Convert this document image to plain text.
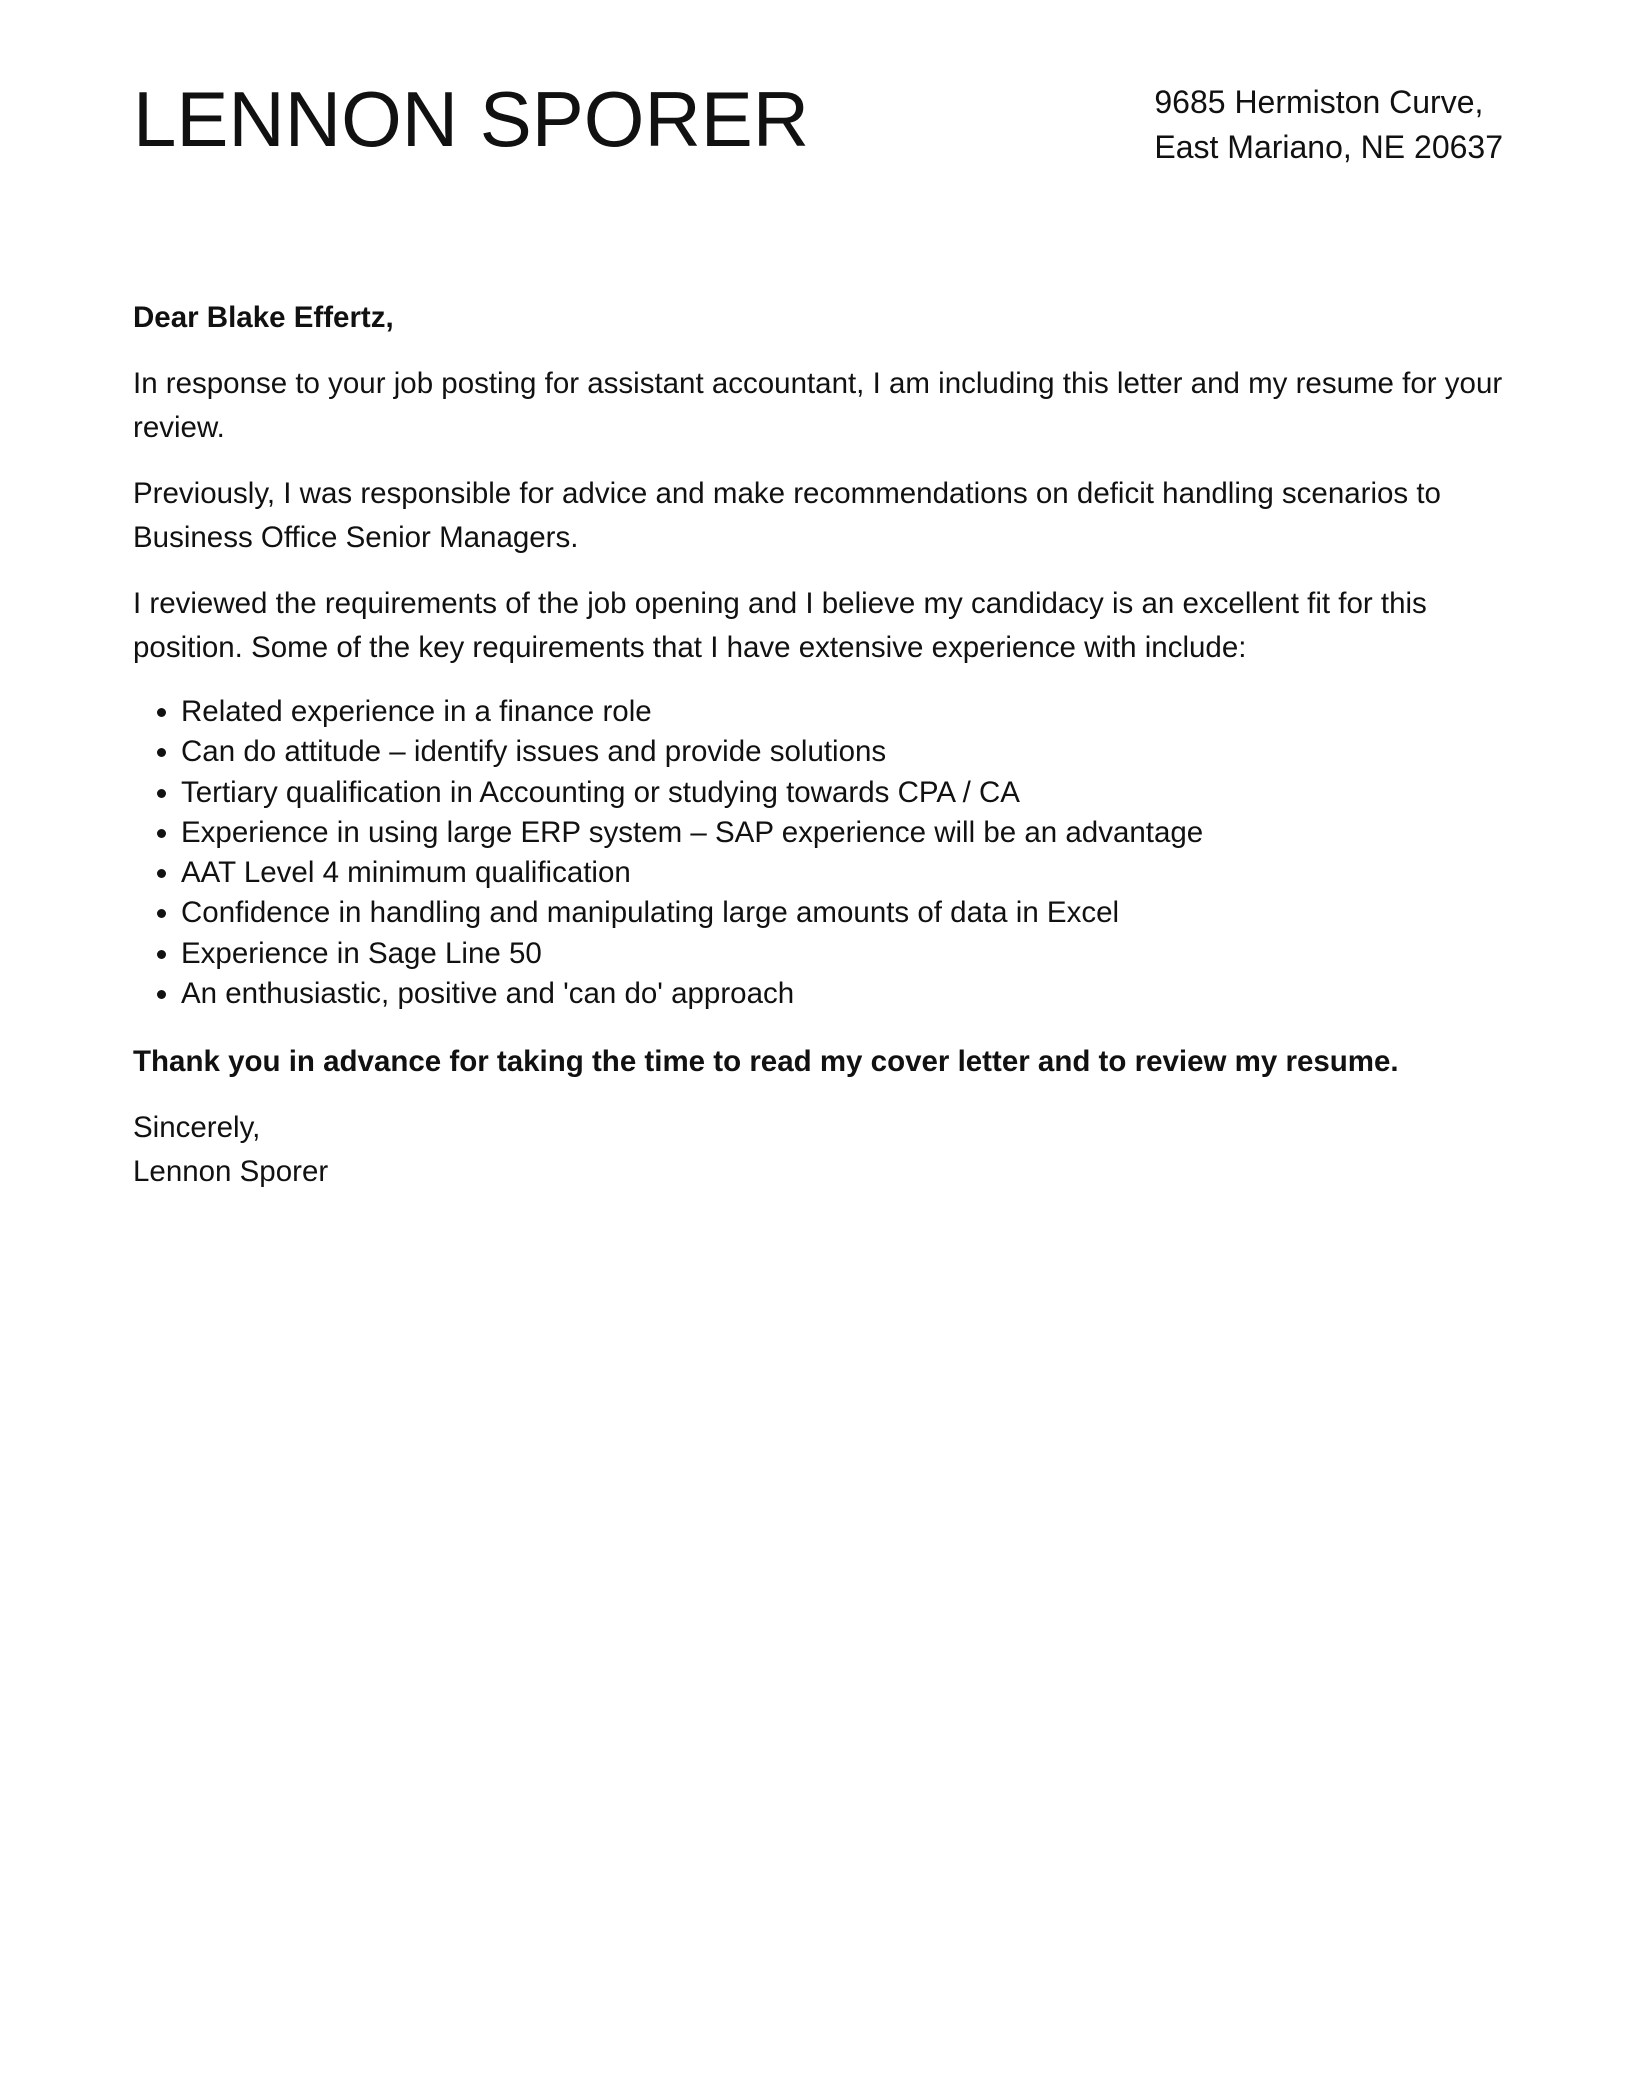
LENNON SPORER	9685 Hermiston Curve,
East Mariano, NE 20637

Dear Blake Effertz,

In response to your job posting for assistant accountant, I am including this letter and my resume for your review.

Previously, I was responsible for advice and make recommendations on deficit handling scenarios to Business Office Senior Managers.

I reviewed the requirements of the job opening and I believe my candidacy is an excellent fit for this position. Some of the key requirements that I have extensive experience with include:

Related experience in a finance role
Can do attitude – identify issues and provide solutions
Tertiary qualification in Accounting or studying towards CPA / CA
Experience in using large ERP system – SAP experience will be an advantage
AAT Level 4 minimum qualification
Confidence in handling and manipulating large amounts of data in Excel
Experience in Sage Line 50
An enthusiastic, positive and 'can do' approach

Thank you in advance for taking the time to read my cover letter and to review my resume.

Sincerely,
Lennon Sporer
